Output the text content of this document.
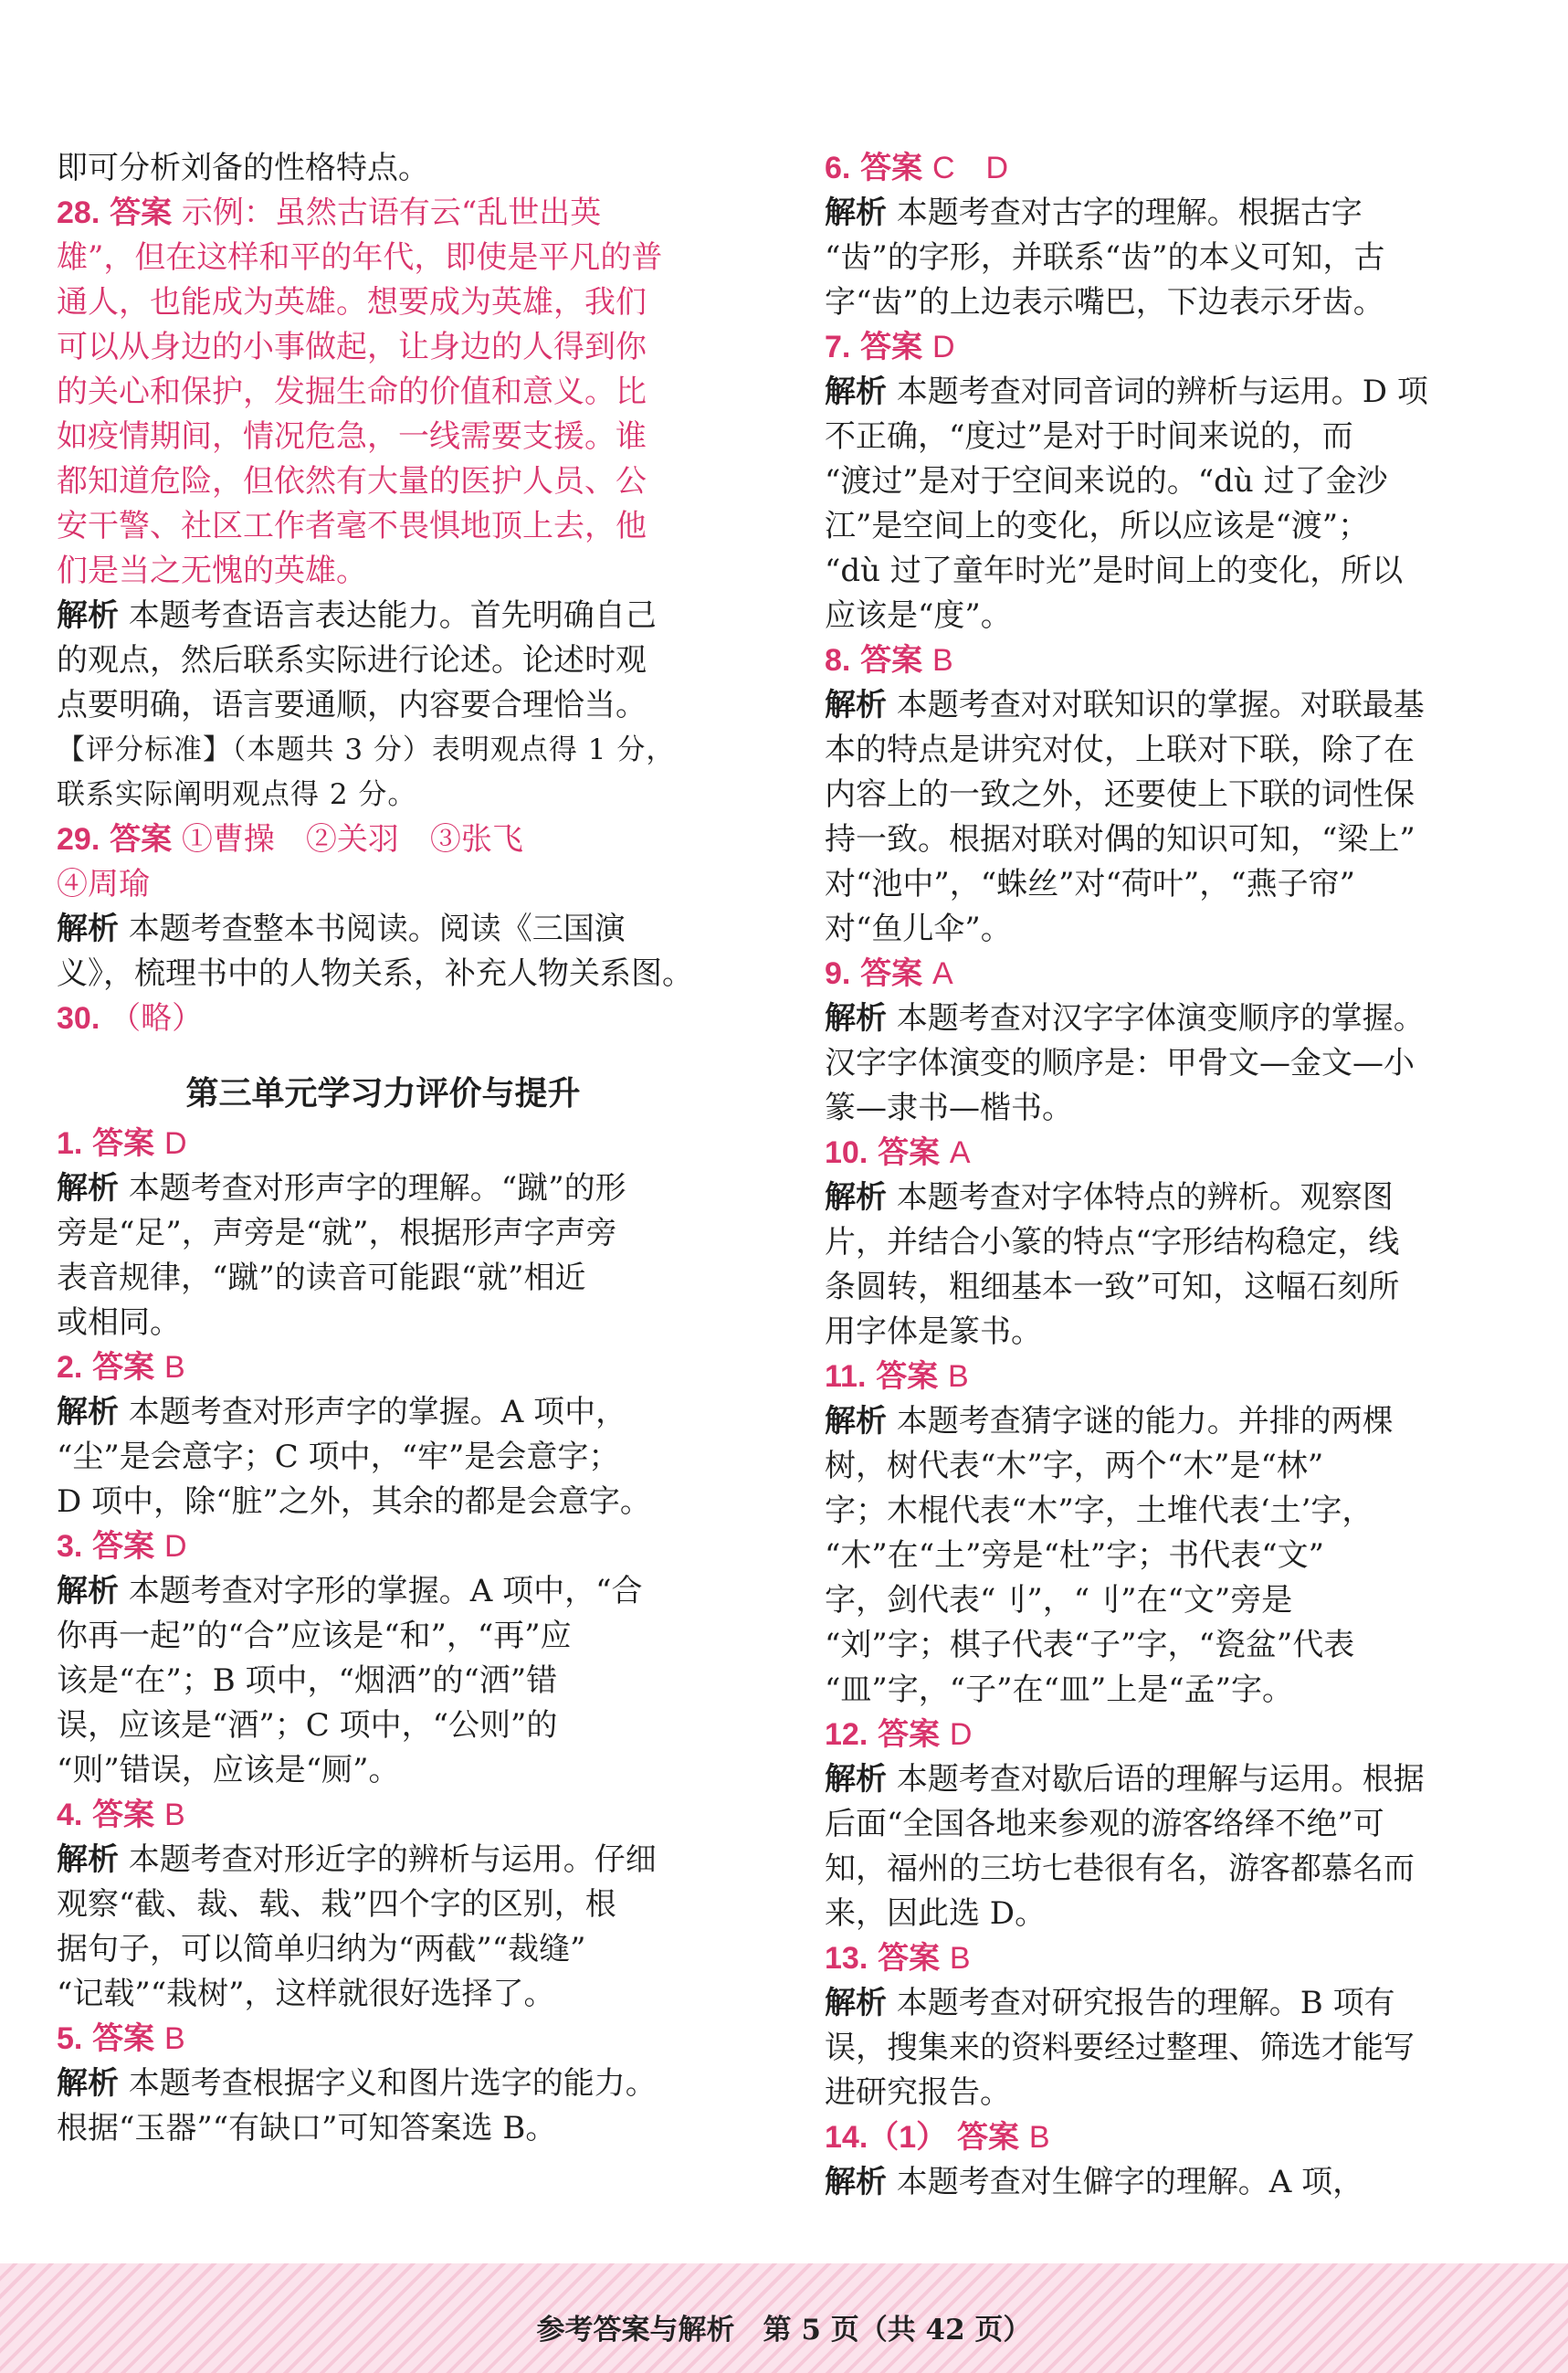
即可分析刘备的性格特点。
28. 答案 示例：虽然古语有云“乱世出英
雄”，但在这样和平的年代，即使是平凡的普
通人，也能成为英雄。想要成为英雄，我们
可以从身边的小事做起，让身边的人得到你
的关心和保护，发掘生命的价值和意义。比
如疫情期间，情况危急，一线需要支援。谁
都知道危险，但依然有大量的医护人员、公
安干警、社区工作者毫不畏惧地顶上去，他
们是当之无愧的英雄。
解析 本题考查语言表达能力。首先明确自己
的观点，然后联系实际进行论述。论述时观
点要明确，语言要通顺，内容要合理恰当。
【评分标准】（本题共 3 分）表明观点得 1 分，
联系实际阐明观点得 2 分。
29. 答案 ①曹操　②关羽　③张飞
④周瑜
解析 本题考查整本书阅读。阅读《三国演
义》，梳理书中的人物关系，补充人物关系图。
30. （略）
第三单元学习力评价与提升
1. 答案 D
解析 本题考查对形声字的理解。“蹴”的形
旁是“足”，声旁是“就”，根据形声字声旁
表音规律，“蹴”的读音可能跟“就”相近
或相同。
2. 答案 B
解析 本题考查对形声字的掌握。A 项中，
“尘”是会意字；C 项中，“牢”是会意字；
D 项中，除“脏”之外，其余的都是会意字。
3. 答案 D
解析 本题考查对字形的掌握。A 项中，“合
你再一起”的“合”应该是“和”，“再”应
该是“在”；B 项中，“烟洒”的“洒”错
误，应该是“酒”；C 项中，“公则”的
“则”错误，应该是“厕”。
4. 答案 B
解析 本题考查对形近字的辨析与运用。仔细
观察“截、裁、载、栽”四个字的区别，根
据句子，可以简单归纳为“两截”“裁缝”
“记载”“栽树”，这样就很好选择了。
5. 答案 B
解析 本题考查根据字义和图片选字的能力。
根据“玉器”“有缺口”可知答案选 B。
6. 答案 C　D
解析 本题考查对古字的理解。根据古字
“齿”的字形，并联系“齿”的本义可知，古
字“齿”的上边表示嘴巴，下边表示牙齿。
7. 答案 D
解析 本题考查对同音词的辨析与运用。D 项
不正确，“度过”是对于时间来说的，而
“渡过”是对于空间来说的。“dù 过了金沙
江”是空间上的变化，所以应该是“渡”；
“dù 过了童年时光”是时间上的变化，所以
应该是“度”。
8. 答案 B
解析 本题考查对对联知识的掌握。对联最基
本的特点是讲究对仗，上联对下联，除了在
内容上的一致之外，还要使上下联的词性保
持一致。根据对联对偶的知识可知，“梁上”
对“池中”，“蛛丝”对“荷叶”，“燕子帘”
对“鱼儿伞”。
9. 答案 A
解析 本题考查对汉字字体演变顺序的掌握。
汉字字体演变的顺序是：甲骨文—金文—小
篆—隶书—楷书。
10. 答案 A
解析 本题考查对字体特点的辨析。观察图
片，并结合小篆的特点“字形结构稳定，线
条圆转，粗细基本一致”可知，这幅石刻所
用字体是篆书。
11. 答案 B
解析 本题考查猜字谜的能力。并排的两棵
树，树代表“木”字，两个“木”是“林”
字；木棍代表“木”字，土堆代表‘土’字，
“木”在“土”旁是“杜”字；书代表“文”
字，剑代表“刂”，“刂”在“文”旁是
“刘”字；棋子代表“子”字，“瓷盆”代表
“皿”字，“子”在“皿”上是“孟”字。
12. 答案 D
解析 本题考查对歇后语的理解与运用。根据
后面“全国各地来参观的游客络绎不绝”可
知，福州的三坊七巷很有名，游客都慕名而
来，因此选 D。
13. 答案 B
解析 本题考查对研究报告的理解。B 项有
误，搜集来的资料要经过整理、筛选才能写
进研究报告。
14.（1） 答案 B
解析 本题考查对生僻字的理解。A 项，
参考答案与解析　第 5 页（共 42 页）
